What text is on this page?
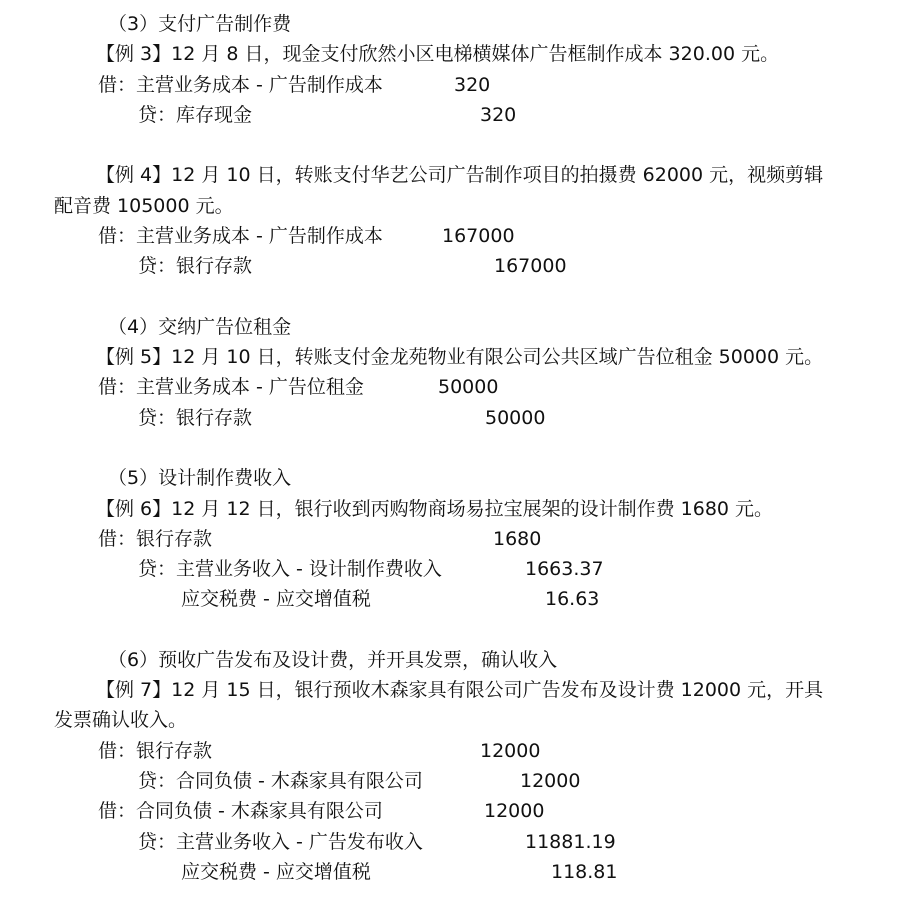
（3）支付广告制作费
【例 3】12 月 8 日，现金支付欣然小区电梯横媒体广告框制作成本 320.00 元。
借：主营业务成本 - 广告制作成本	320
贷：库存现金	320
【例 4】12 月 10 日，转账支付华艺公司广告制作项目的拍摄费 62000 元，视频剪辑
配音费 105000 元。
借：主营业务成本 - 广告制作成本	167000
贷：银行存款	167000
（4）交纳广告位租金
【例 5】12 月 10 日，转账支付金龙苑物业有限公司公共区域广告位租金 50000 元。
借：主营业务成本 - 广告位租金	50000
贷：银行存款	50000
（5）设计制作费收入
【例 6】12 月 12 日，银行收到丙购物商场易拉宝展架的设计制作费 1680 元。
借：银行存款	1680
贷：主营业务收入 - 设计制作费收入	1663.37
应交税费 - 应交增值税	16.63
（6）预收广告发布及设计费，并开具发票，确认收入
【例 7】12 月 15 日，银行预收木森家具有限公司广告发布及设计费 12000 元，开具
发票确认收入。
借：银行存款	12000
贷：合同负债 - 木森家具有限公司	12000
借：合同负债 - 木森家具有限公司	12000
贷：主营业务收入 - 广告发布收入	11881.19
应交税费 - 应交增值税	118.81
